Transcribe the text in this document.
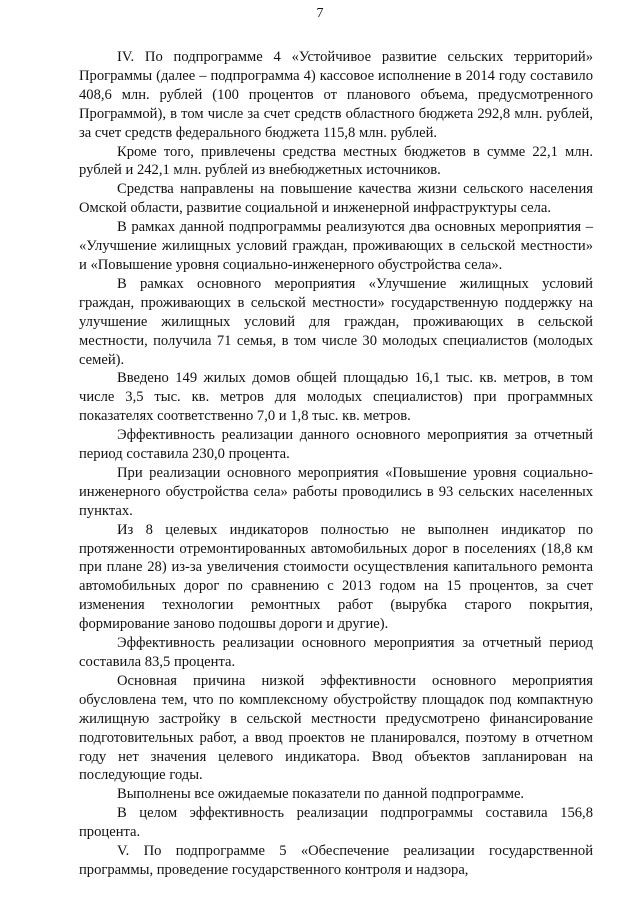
7

IV. По подпрограмме 4 «Устойчивое развитие сельских территорий» Программы (далее – подпрограмма 4) кассовое исполнение в 2014 году составило 408,6 млн. рублей (100 процентов от планового объема, предусмотренного Программой), в том числе за счет средств областного бюджета 292,8 млн. рублей, за счет средств федерального бюджета 115,8 млн. рублей.

Кроме того, привлечены средства местных бюджетов в сумме 22,1 млн. рублей и 242,1 млн. рублей из внебюджетных источников.

Средства направлены на повышение качества жизни сельского населения Омской области, развитие социальной и инженерной инфраструктуры села.

В рамках данной подпрограммы реализуются два основных мероприятия – «Улучшение жилищных условий граждан, проживающих в сельской местности» и «Повышение уровня социально-инженерного обустройства села».

В рамках основного мероприятия «Улучшение жилищных условий граждан, проживающих в сельской местности» государственную поддержку на улучшение жилищных условий для граждан, проживающих в сельской местности, получила 71 семья, в том числе 30 молодых специалистов (молодых семей).

Введено 149 жилых домов общей площадью 16,1 тыс. кв. метров, в том числе 3,5 тыс. кв. метров для молодых специалистов) при программных показателях соответственно 7,0 и 1,8 тыс. кв. метров.

Эффективность реализации данного основного мероприятия за отчетный период составила 230,0 процента.

При реализации основного мероприятия «Повышение уровня социально-инженерного обустройства села» работы проводились в 93 сельских населенных пунктах.

Из 8 целевых индикаторов полностью не выполнен индикатор по протяженности отремонтированных автомобильных дорог в поселениях (18,8 км при плане 28) из-за увеличения стоимости осуществления капитального ремонта автомобильных дорог по сравнению с 2013 годом на 15 процентов, за счет изменения технологии ремонтных работ (вырубка старого покрытия, формирование заново подошвы дороги и другие).

Эффективность реализации основного мероприятия за отчетный период составила 83,5 процента.

Основная причина низкой эффективности основного мероприятия обусловлена тем, что по комплексному обустройству площадок под компактную жилищную застройку в сельской местности предусмотрено финансирование подготовительных работ, а ввод проектов не планировался, поэтому в отчетном году нет значения целевого индикатора. Ввод объектов запланирован на последующие годы.

Выполнены все ожидаемые показатели по данной подпрограмме.

В целом эффективность реализации подпрограммы составила 156,8 процента.

V. По подпрограмме 5 «Обеспечение реализации государственной программы, проведение государственного контроля и надзора,
